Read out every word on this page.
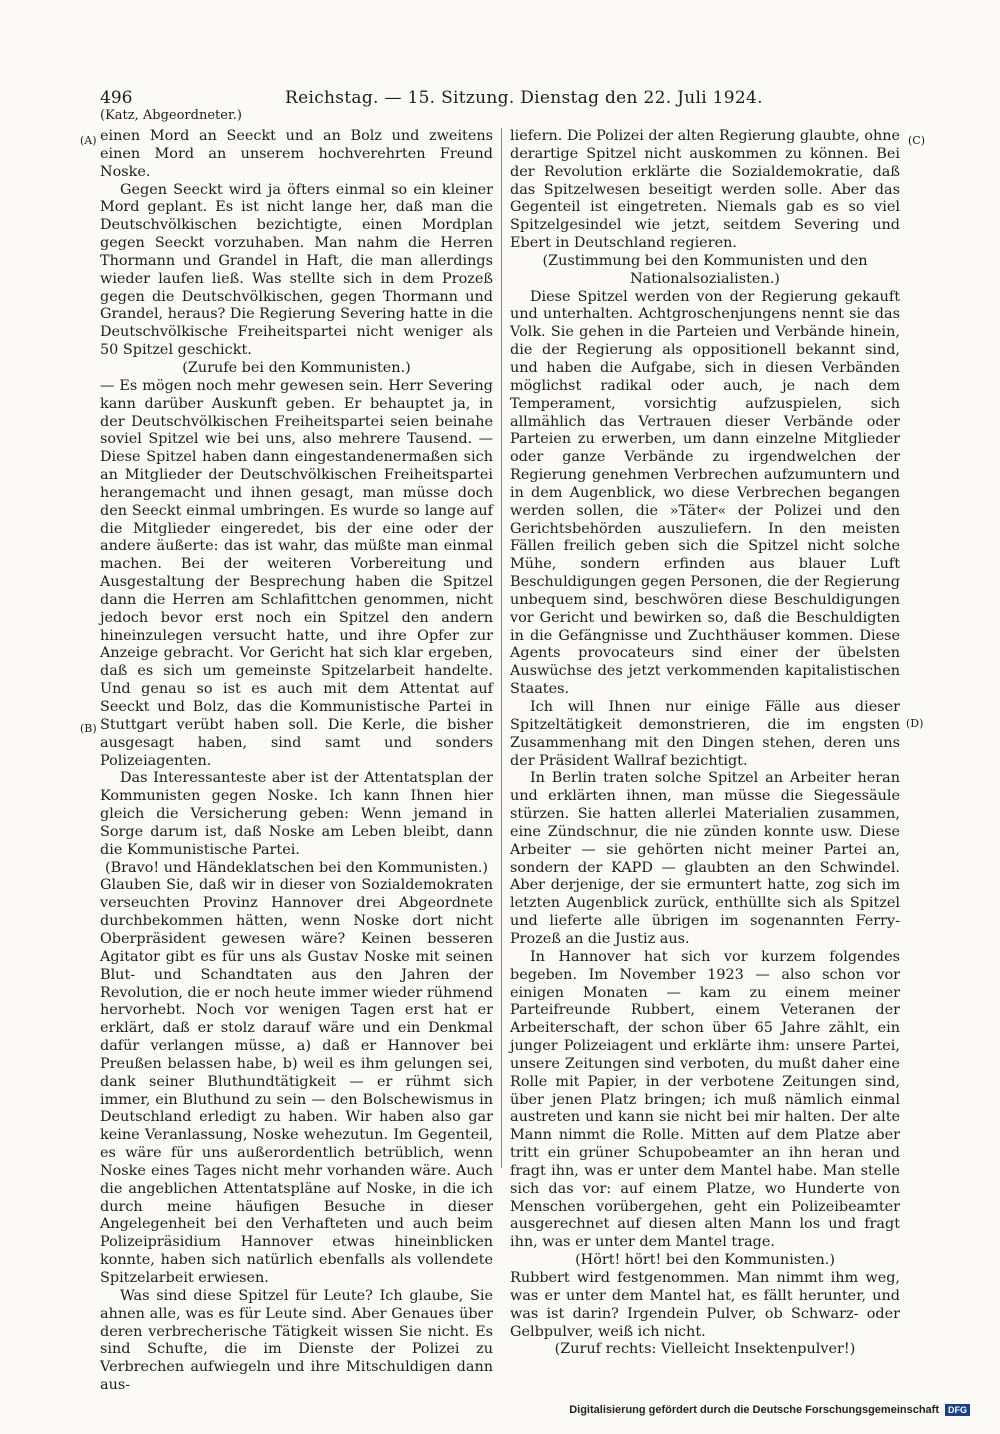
496	Reichstag. — 15. Sitzung. Dienstag den 22. Juli 1924.
(Katz, Abgeordneter.)
(A)
(B)
(C)
(D)

einen Mord an Seeckt und an Bolz und zweitens einen Mord an unserem hochverehrten Freund Noske.

Gegen Seeckt wird ja öfters einmal so ein kleiner Mord geplant. Es ist nicht lange her, daß man die Deutschvölkischen bezichtigte, einen Mordplan gegen Seeckt vorzuhaben. Man nahm die Herren Thormann und Grandel in Haft, die man allerdings wieder laufen ließ. Was stellte sich in dem Prozeß gegen die Deutschvölkischen, gegen Thormann und Grandel, heraus? Die Regierung Severing hatte in die Deutschvölkische Freiheitspartei nicht weniger als 50 Spitzel geschickt.

(Zurufe bei den Kommunisten.)

— Es mögen noch mehr gewesen sein. Herr Severing kann darüber Auskunft geben. Er behauptet ja, in der Deutschvölkischen Freiheitspartei seien beinahe soviel Spitzel wie bei uns, also mehrere Tausend. — Diese Spitzel haben dann eingestandenermaßen sich an Mitglieder der Deutschvölkischen Freiheitspartei herangemacht und ihnen gesagt, man müsse doch den Seeckt einmal umbringen. Es wurde so lange auf die Mitglieder eingeredet, bis der eine oder der andere äußerte: das ist wahr, das müßte man einmal machen. Bei der weiteren Vorbereitung und Ausgestaltung der Besprechung haben die Spitzel dann die Herren am Schlafittchen genommen, nicht jedoch bevor erst noch ein Spitzel den andern hineinzulegen versucht hatte, und ihre Opfer zur Anzeige gebracht. Vor Gericht hat sich klar ergeben, daß es sich um gemeinste Spitzelarbeit handelte. Und genau so ist es auch mit dem Attentat auf Seeckt und Bolz, das die Kommunistische Partei in Stuttgart verübt haben soll. Die Kerle, die bisher ausgesagt haben, sind samt und sonders Polizeiagenten.

Das Interessanteste aber ist der Attentatsplan der Kommunisten gegen Noske. Ich kann Ihnen hier gleich die Versicherung geben: Wenn jemand in Sorge darum ist, daß Noske am Leben bleibt, dann die Kommunistische Partei.

(Bravo! und Händeklatschen bei den Kommunisten.)

Glauben Sie, daß wir in dieser von Sozialdemokraten verseuchten Provinz Hannover drei Abgeordnete durchbekommen hätten, wenn Noske dort nicht Oberpräsident gewesen wäre? Keinen besseren Agitator gibt es für uns als Gustav Noske mit seinen Blut- und Schandtaten aus den Jahren der Revolution, die er noch heute immer wieder rühmend hervorhebt. Noch vor wenigen Tagen erst hat er erklärt, daß er stolz darauf wäre und ein Denkmal dafür verlangen müsse, a) daß er Hannover bei Preußen belassen habe, b) weil es ihm gelungen sei, dank seiner Bluthundtätigkeit — er rühmt sich immer, ein Bluthund zu sein — den Bolschewismus in Deutschland erledigt zu haben. Wir haben also gar keine Veranlassung, Noske wehezutun. Im Gegenteil, es wäre für uns außerordentlich betrüblich, wenn Noske eines Tages nicht mehr vorhanden wäre. Auch die angeblichen Attentatspläne auf Noske, in die ich durch meine häufigen Besuche in dieser Angelegenheit bei den Verhafteten und auch beim Polizeipräsidium Hannover etwas hineinblicken konnte, haben sich natürlich ebenfalls als vollendete Spitzelarbeit erwiesen.

Was sind diese Spitzel für Leute? Ich glaube, Sie ahnen alle, was es für Leute sind. Aber Genaues über deren verbrecherische Tätigkeit wissen Sie nicht. Es sind Schufte, die im Dienste der Polizei zu Verbrechen aufwiegeln und ihre Mitschuldigen dann aus-

liefern. Die Polizei der alten Regierung glaubte, ohne derartige Spitzel nicht auskommen zu können. Bei der Revolution erklärte die Sozialdemokratie, daß das Spitzelwesen beseitigt werden solle. Aber das Gegenteil ist eingetreten. Niemals gab es so viel Spitzelgesindel wie jetzt, seitdem Severing und Ebert in Deutschland regieren.

(Zustimmung bei den Kommunisten und den Nationalsozialisten.)

Diese Spitzel werden von der Regierung gekauft und unterhalten. Achtgroschenjungens nennt sie das Volk. Sie gehen in die Parteien und Verbände hinein, die der Regierung als oppositionell bekannt sind, und haben die Aufgabe, sich in diesen Verbänden möglichst radikal oder auch, je nach dem Temperament, vorsichtig aufzuspielen, sich allmählich das Vertrauen dieser Verbände oder Parteien zu erwerben, um dann einzelne Mitglieder oder ganze Verbände zu irgendwelchen der Regierung genehmen Verbrechen aufzumuntern und in dem Augenblick, wo diese Verbrechen begangen werden sollen, die »Täter« der Polizei und den Gerichtsbehörden auszuliefern. In den meisten Fällen freilich geben sich die Spitzel nicht solche Mühe, sondern erfinden aus blauer Luft Beschuldigungen gegen Personen, die der Regierung unbequem sind, beschwören diese Beschuldigungen vor Gericht und bewirken so, daß die Beschuldigten in die Gefängnisse und Zuchthäuser kommen. Diese Agents provocateurs sind einer der übelsten Auswüchse des jetzt verkommenden kapitalistischen Staates.

Ich will Ihnen nur einige Fälle aus dieser Spitzeltätigkeit demonstrieren, die im engsten Zusammenhang mit den Dingen stehen, deren uns der Präsident Wallraf bezichtigt.

In Berlin traten solche Spitzel an Arbeiter heran und erklärten ihnen, man müsse die Siegessäule stürzen. Sie hatten allerlei Materialien zusammen, eine Zündschnur, die nie zünden konnte usw. Diese Arbeiter — sie gehörten nicht meiner Partei an, sondern der KAPD — glaubten an den Schwindel. Aber derjenige, der sie ermuntert hatte, zog sich im letzten Augenblick zurück, enthüllte sich als Spitzel und lieferte alle übrigen im sogenannten Ferry-Prozeß an die Justiz aus.

In Hannover hat sich vor kurzem folgendes begeben. Im November 1923 — also schon vor einigen Monaten — kam zu einem meiner Parteifreunde Rubbert, einem Veteranen der Arbeiterschaft, der schon über 65 Jahre zählt, ein junger Polizeiagent und erklärte ihm: unsere Partei, unsere Zeitungen sind verboten, du mußt daher eine Rolle mit Papier, in der verbotene Zeitungen sind, über jenen Platz bringen; ich muß nämlich einmal austreten und kann sie nicht bei mir halten. Der alte Mann nimmt die Rolle. Mitten auf dem Platze aber tritt ein grüner Schupobeamter an ihn heran und fragt ihn, was er unter dem Mantel habe. Man stelle sich das vor: auf einem Platze, wo Hunderte von Menschen vorübergehen, geht ein Polizeibeamter ausgerechnet auf diesen alten Mann los und fragt ihn, was er unter dem Mantel trage.

(Hört! hört! bei den Kommunisten.)

Rubbert wird festgenommen. Man nimmt ihm weg, was er unter dem Mantel hat, es fällt herunter, und was ist darin? Irgendein Pulver, ob Schwarz- oder Gelbpulver, weiß ich nicht.

(Zuruf rechts: Vielleicht Insektenpulver!)

Digitalisierung gefördert durch die Deutsche Forschungsgemeinschaft	DFG
